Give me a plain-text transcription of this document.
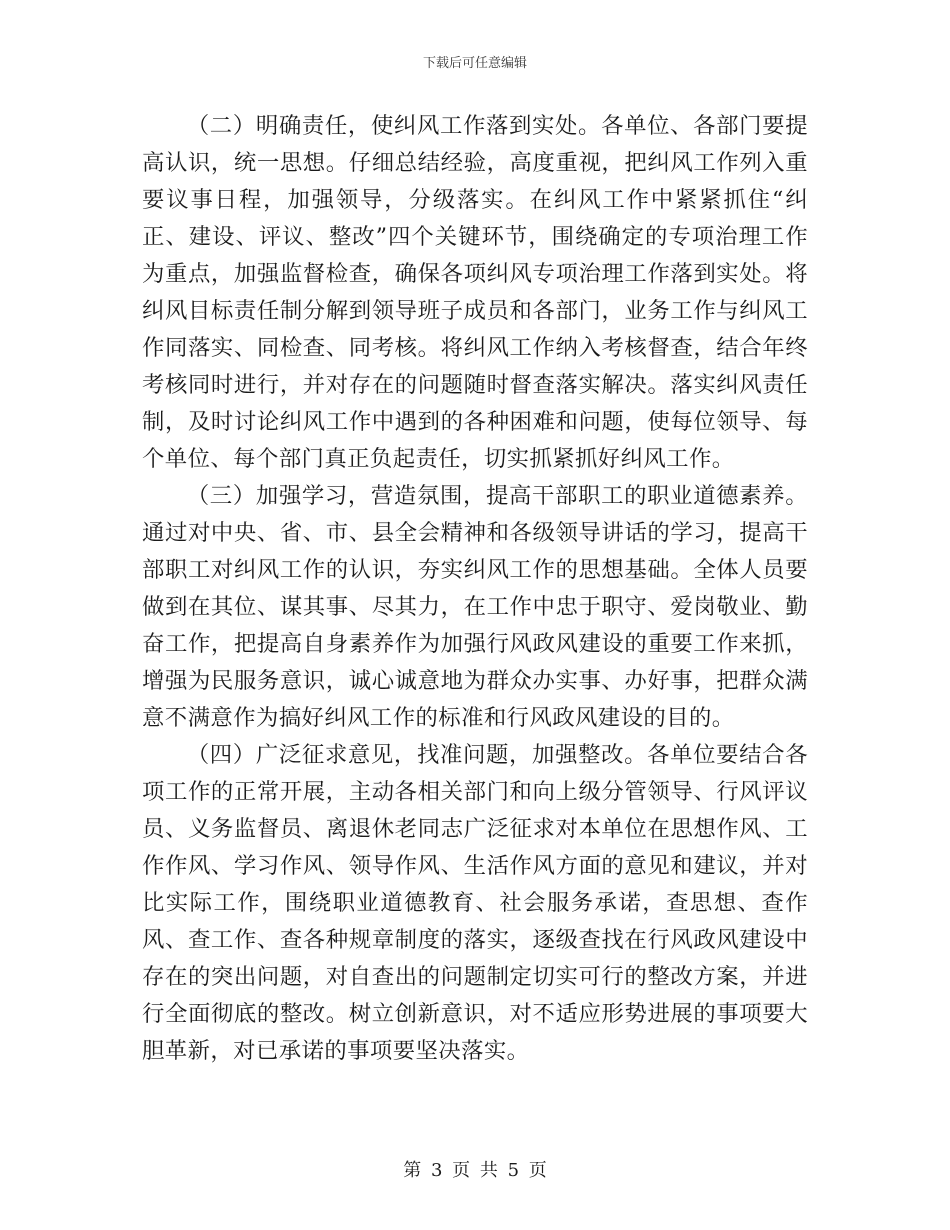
下载后可任意编辑

（二）明确责任，使纠风工作落到实处。各单位、各部门要提高认识，统一思想。仔细总结经验，高度重视，把纠风工作列入重要议事日程，加强领导，分级落实。在纠风工作中紧紧抓住“纠正、建设、评议、整改”四个关键环节，围绕确定的专项治理工作为重点，加强监督检查，确保各项纠风专项治理工作落到实处。将纠风目标责任制分解到领导班子成员和各部门，业务工作与纠风工作同落实、同检查、同考核。将纠风工作纳入考核督查，结合年终考核同时进行，并对存在的问题随时督查落实解决。落实纠风责任制，及时讨论纠风工作中遇到的各种困难和问题，使每位领导、每个单位、每个部门真正负起责任，切实抓紧抓好纠风工作。

（三）加强学习，营造氛围，提高干部职工的职业道德素养。通过对中央、省、市、县全会精神和各级领导讲话的学习，提高干部职工对纠风工作的认识，夯实纠风工作的思想基础。全体人员要做到在其位、谋其事、尽其力，在工作中忠于职守、爱岗敬业、勤奋工作，把提高自身素养作为加强行风政风建设的重要工作来抓，增强为民服务意识，诚心诚意地为群众办实事、办好事，把群众满意不满意作为搞好纠风工作的标准和行风政风建设的目的。

（四）广泛征求意见，找准问题，加强整改。各单位要结合各项工作的正常开展，主动各相关部门和向上级分管领导、行风评议员、义务监督员、离退休老同志广泛征求对本单位在思想作风、工作作风、学习作风、领导作风、生活作风方面的意见和建议，并对比实际工作，围绕职业道德教育、社会服务承诺，查思想、查作风、查工作、查各种规章制度的落实，逐级查找在行风政风建设中存在的突出问题，对自查出的问题制定切实可行的整改方案，并进行全面彻底的整改。树立创新意识，对不适应形势进展的事项要大胆革新，对已承诺的事项要坚决落实。

第 3 页 共 5 页
